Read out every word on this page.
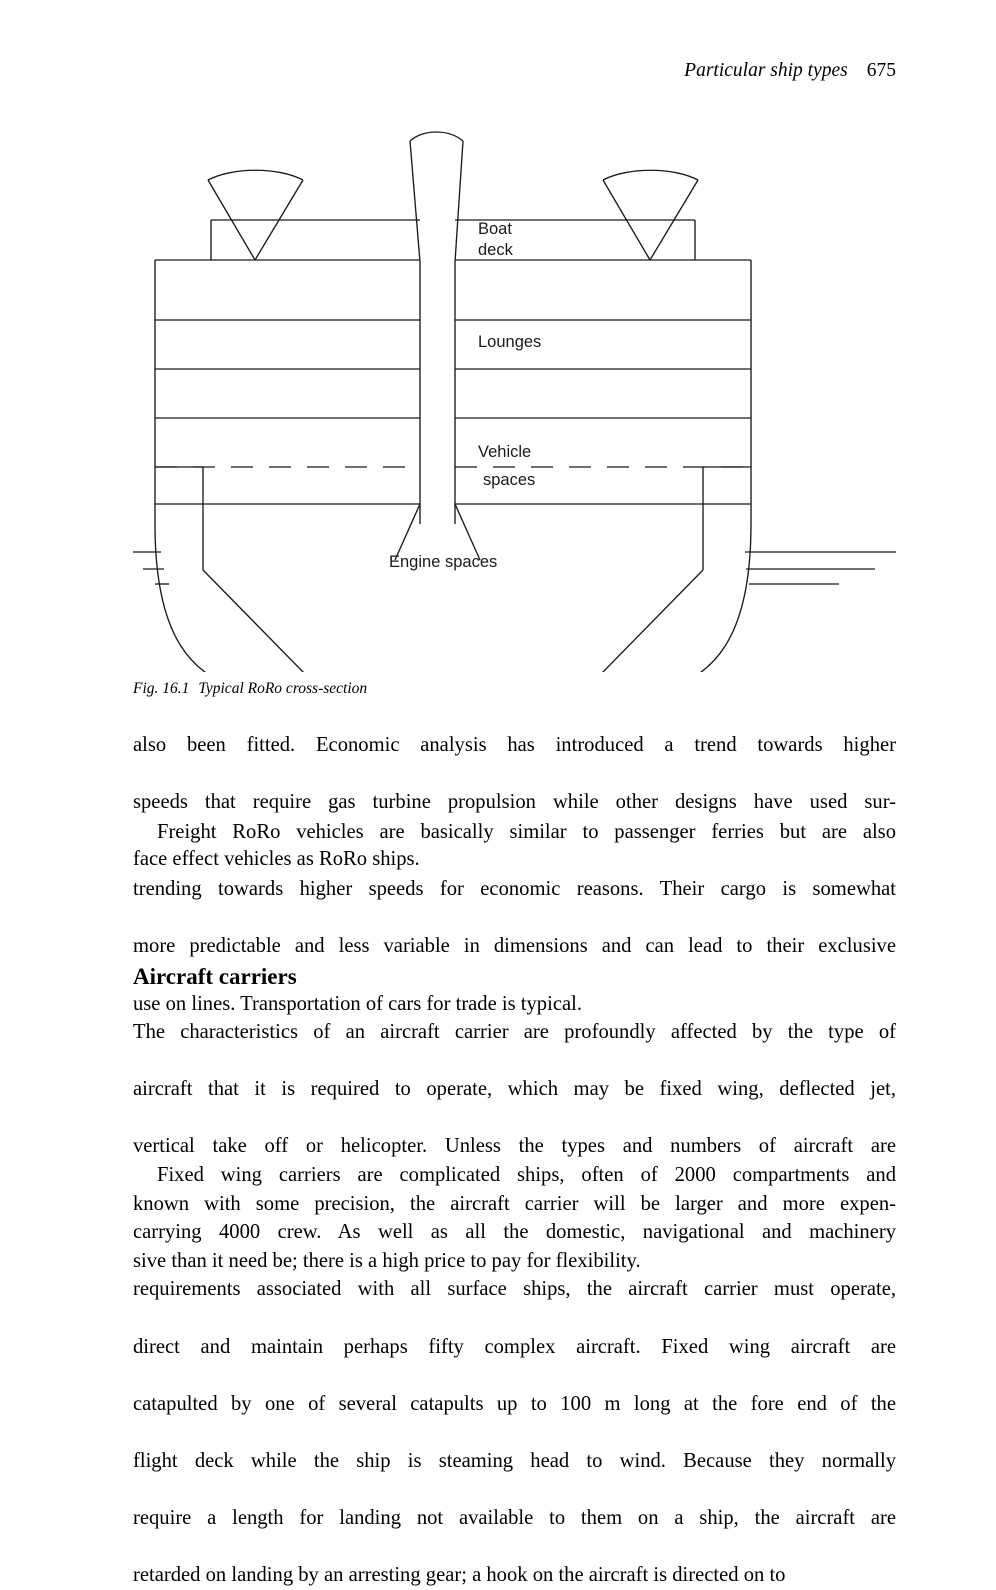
Particular ship types 675
Boat
deck
Lounges
Vehicle
spaces
Engine spaces
Fig. 16.1 Typical RoRo cross-section

also been fitted. Economic analysis has introduced a trend towards higher
speeds that require gas turbine propulsion while other designs have used sur-
face effect vehicles as RoRo ships.

Freight RoRo vehicles are basically similar to passenger ferries but are also
trending towards higher speeds for economic reasons. Their cargo is somewhat
more predictable and less variable in dimensions and can lead to their exclusive
use on lines. Transportation of cars for trade is typical.

Aircraft carriers

The characteristics of an aircraft carrier are profoundly affected by the type of
aircraft that it is required to operate, which may be fixed wing, deflected jet,
vertical take off or helicopter. Unless the types and numbers of aircraft are
known with some precision, the aircraft carrier will be larger and more expen-
sive than it need be; there is a high price to pay for flexibility.

Fixed wing carriers are complicated ships, often of 2000 compartments and
carrying 4000 crew. As well as all the domestic, navigational and machinery
requirements associated with all surface ships, the aircraft carrier must operate,
direct and maintain perhaps fifty complex aircraft. Fixed wing aircraft are
catapulted by one of several catapults up to 100 m long at the fore end of the
flight deck while the ship is steaming head to wind. Because they normally
require a length for landing not available to them on a ship, the aircraft are
retarded on landing by an arresting gear; a hook on the aircraft is directed on to
